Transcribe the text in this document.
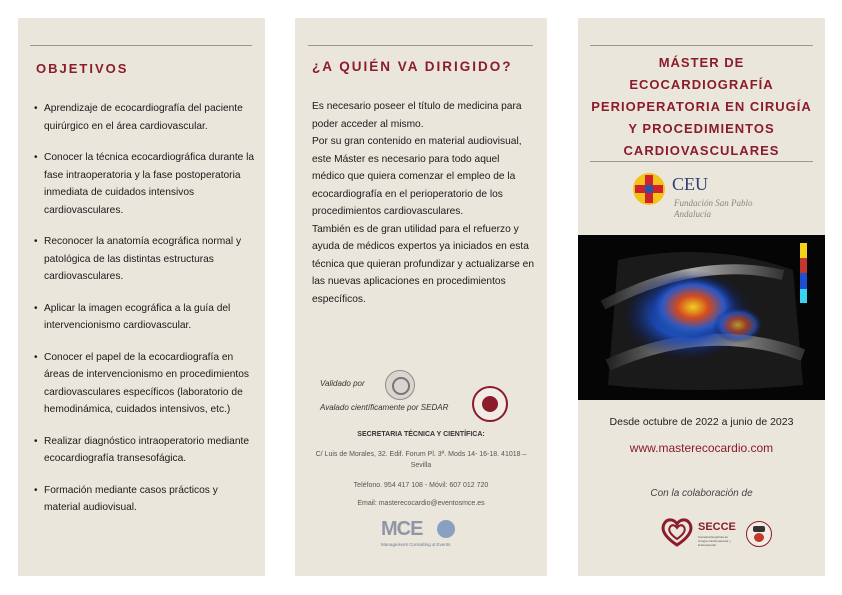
OBJETIVOS
• Aprendizaje de ecocardiografía del paciente quirúrgico en el área cardiovascular.
• Conocer la técnica ecocardiográfica durante la fase intraoperatoria y la fase postoperatoria inmediata de cuidados intensivos cardiovasculares.
• Reconocer la anatomía ecográfica normal y patológica de las distintas estructuras cardiovasculares.
• Aplicar la imagen ecográfica a la guía del intervencionismo cardiovascular.
• Conocer el papel de la ecocardiografía en áreas de intervencionismo en procedimientos cardiovasculares específicos (laboratorio de hemodinámica, cuidados intensivos, etc.)
• Realizar diagnóstico intraoperatorio mediante ecocardiografía transesofágica.
• Formación mediante casos prácticos y material audiovisual.
¿A QUIÉN VA DIRIGIDO?

Es necesario poseer el título de medicina para poder acceder al mismo.

Por su gran contenido en material audiovisual, este Máster es necesario para todo aquel médico que quiera comenzar el empleo de la ecocardiografía en el perioperatorio de los procedimientos cardiovasculares.

También es de gran utilidad para el refuerzo y ayuda de médicos expertos ya iniciados en esta técnica que quieran profundizar y actualizarse en las nuevas aplicaciones en procedimientos específicos.

Validado por
Avalado científicamente por SEDAR
SECRETARIA TÉCNICA Y CIENTÍFICA:
C/ Luis de Morales, 32. Edif. Forum Pl. 3ª. Mods 14- 16-18. 41018 – Sevilla
Teléfono. 954 417 108 - Móvil: 607 012 720
Email: masterecocardio@eventosmce.es
MCE
Management Consulting & Events
MÁSTER DE
ECOCARDIOGRAFÍA
PERIOPERATORIA EN CIRUGÍA
Y PROCEDIMIENTOS
CARDIOVASCULARES
CEU
Fundación San Pablo
Andalucía
Desde octubre de 2022 a junio de 2023
www.masterecocardio.com
Con la colaboración de
SECCE
Sociedad Española de Cirugía Cardiovascular y Endovascular
